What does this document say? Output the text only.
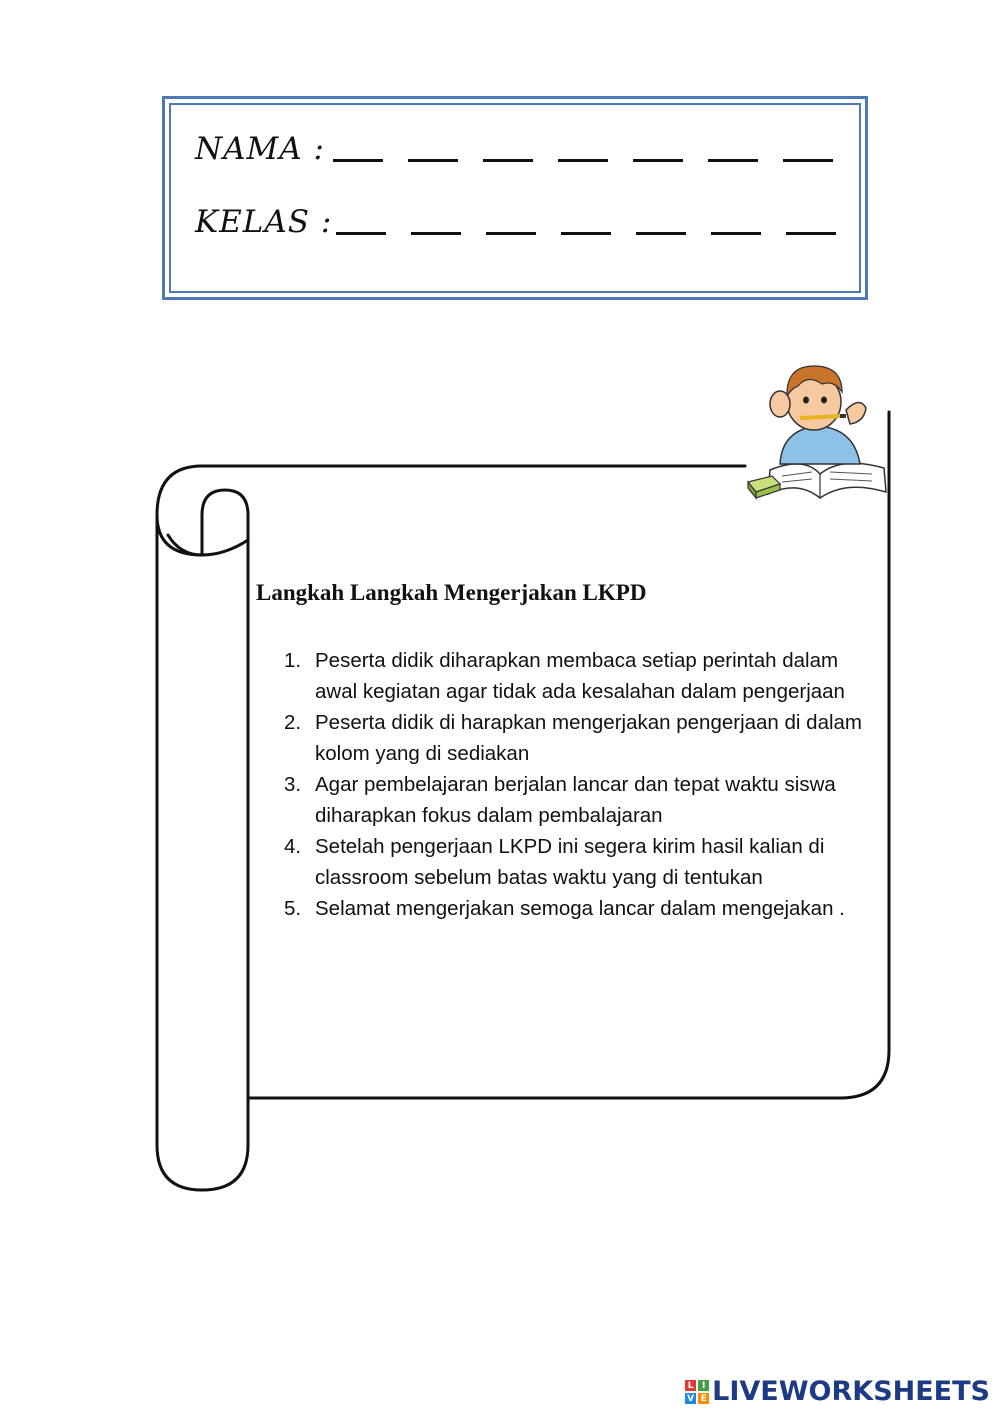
NAMA :
KELAS :
Langkah Langkah Mengerjakan LKPD
1. Peserta didik diharapkan membaca setiap perintah dalam awal kegiatan agar tidak ada kesalahan dalam pengerjaan
2. Peserta didik di harapkan mengerjakan pengerjaan di dalam kolom yang di sediakan
3. Agar pembelajaran berjalan lancar dan tepat waktu siswa diharapkan fokus dalam pembalajaran
4. Setelah pengerjaan LKPD ini segera kirim hasil kalian di classroom sebelum batas waktu yang di tentukan
5. Selamat mengerjakan semoga lancar dalam mengejakan .
L I
V E LIVEWORKSHEETS
